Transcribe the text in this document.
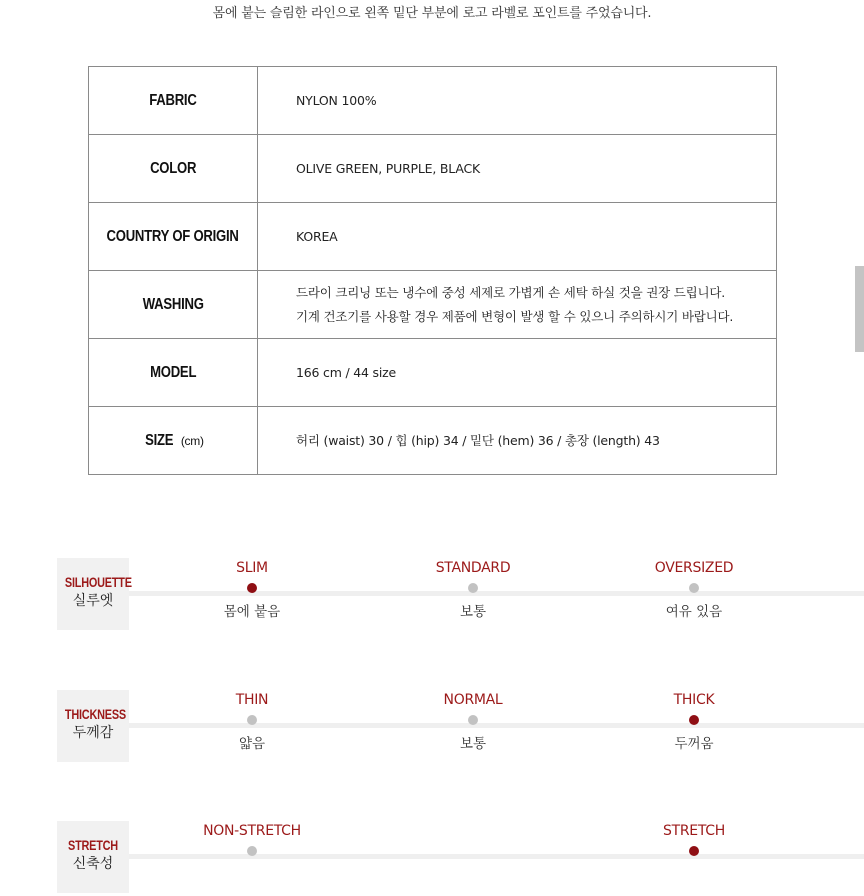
몸에 붙는 슬림한 라인으로 왼쪽 밑단 부분에 로고 라벨로 포인트를 주었습니다.
FABRIC	NYLON 100%

COLOR	OLIVE GREEN, PURPLE, BLACK

COUNTRY OF ORIGIN	KOREA

WASHING	드라이 크리닝 또는 냉수에 중성 세제로 가볍게 손 세탁 하실 것을 권장 드립니다.
기계 건조기를 사용할 경우 제품에 변형이 발생 할 수 있으니 주의하시기 바랍니다.

MODEL	166 cm / 44 size

SIZE (cm)	허리 (waist) 30 / 힙 (hip) 34 / 밑단 (hem) 36 / 총장 (length) 43
SILHOUETTE
실루엣
SLIM
몸에 붙음
STANDARD
보통
OVERSIZED
여유 있음
THICKNESS
두께감
THIN
얇음
NORMAL
보통
THICK
두꺼움
STRETCH
신축성
NON-STRETCH	STRETCH
